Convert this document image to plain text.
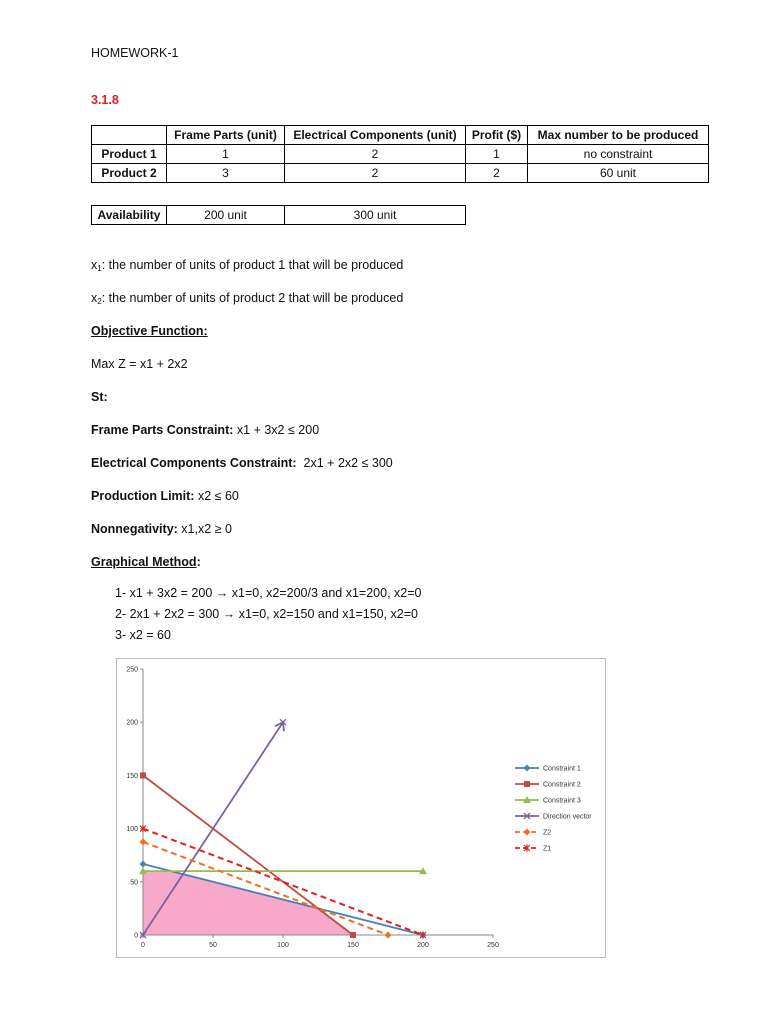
HOMEWORK-1
3.1.8
	Frame Parts (unit)	Electrical Components (unit)	Profit ($)	Max number to be produced
Product 1	1	2	1	no constraint
Product 2	3	2	2	60 unit
Availability	200 unit	300 unit
$x_1$: the number of units of product 1 that will be produced
$x_2$: the number of units of product 2 that will be produced
Objective Function:
Max Z = x1 + 2x2
St:
Frame Parts Constraint: x1 + 3x2 ≤ 200
Electrical Components Constraint: 2x1 + 2x2 ≤ 300
Production Limit: x2 ≤ 60
Nonnegativity: x1,x2 ≥ 0
Graphical Method:
1- x1 + 3x2 = 200 → x1=0, x2=200/3 and x1=200, x2=0
2- 2x1 + 2x2 = 300 → x1=0, x2=150 and x1=150, x2=0
3- x2 = 60
0	50	100	150	200	250
0
50
100
150
200
250
Constraint 1
Constraint 2
Constraint 3
Direction vector
Z2
Z1
